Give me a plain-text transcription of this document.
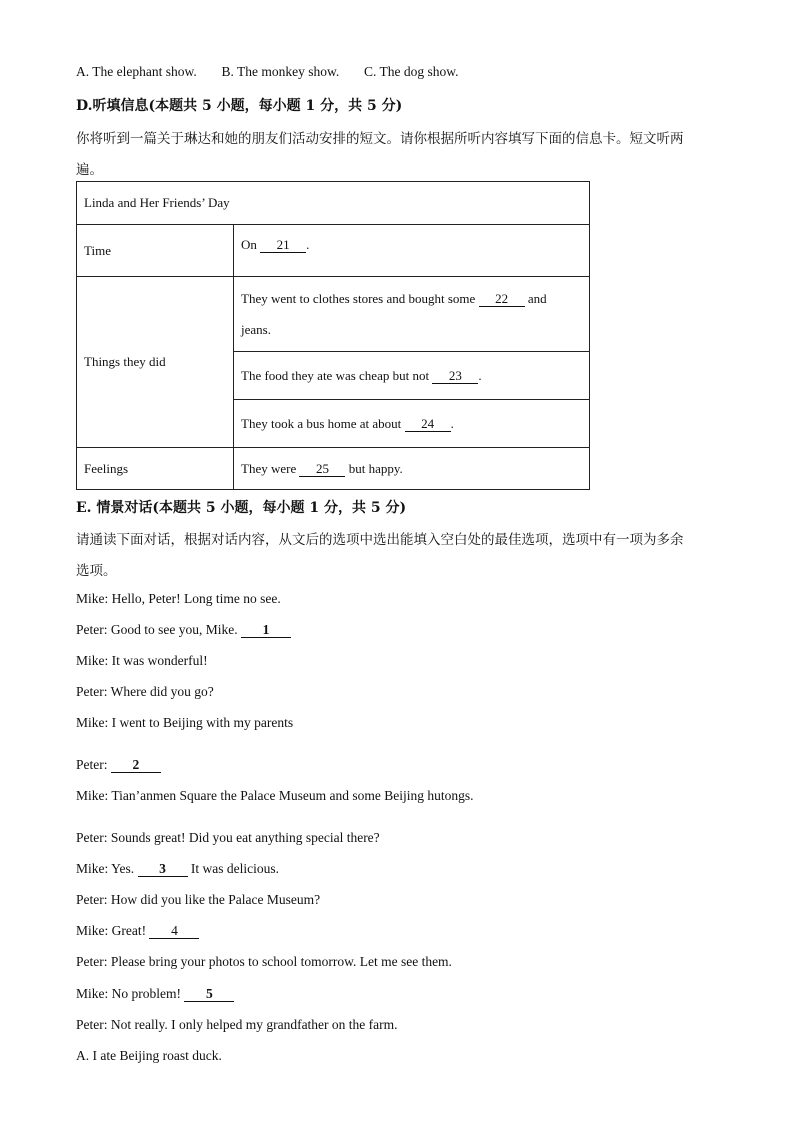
A. The elephant show. B. The monkey show. C. The dog show.
D.听填信息(本题共 5 小题，每小题 1 分，共 5 分)
你将听到一篇关于琳达和她的朋友们活动安排的短文。请你根据所听内容填写下面的信息卡。短文听两
遍。
Linda and Her Friends’ Day	
Time	On 21 .
Things they did	They went to clothes stores and bought some 22 and
jeans.

	The food they ate was cheap but not 23 .
	They took a bus home at about 24 .
Feelings	They were 25 but happy.
E. 情景对话(本题共 5 小题，每小题 1 分，共 5 分)
请通读下面对话，根据对话内容，从文后的选项中选出能填入空白处的最佳选项，选项中有一项为多余
选项。
Mike: Hello, Peter! Long time no see.
Peter: Good to see you, Mike. 1
Mike: It was wonderful!
Peter: Where did you go?
Mike: I went to Beijing with my parents
Peter: 2
Mike: Tian’anmen Square the Palace Museum and some Beijing hutongs.
Peter: Sounds great! Did you eat anything special there?
Mike: Yes. 3 It was delicious.
Peter: How did you like the Palace Museum?
Mike: Great! 4
Peter: Please bring your photos to school tomorrow. Let me see them.
Mike: No problem! 5
Peter: Not really. I only helped my grandfather on the farm.
A. I ate Beijing roast duck.
